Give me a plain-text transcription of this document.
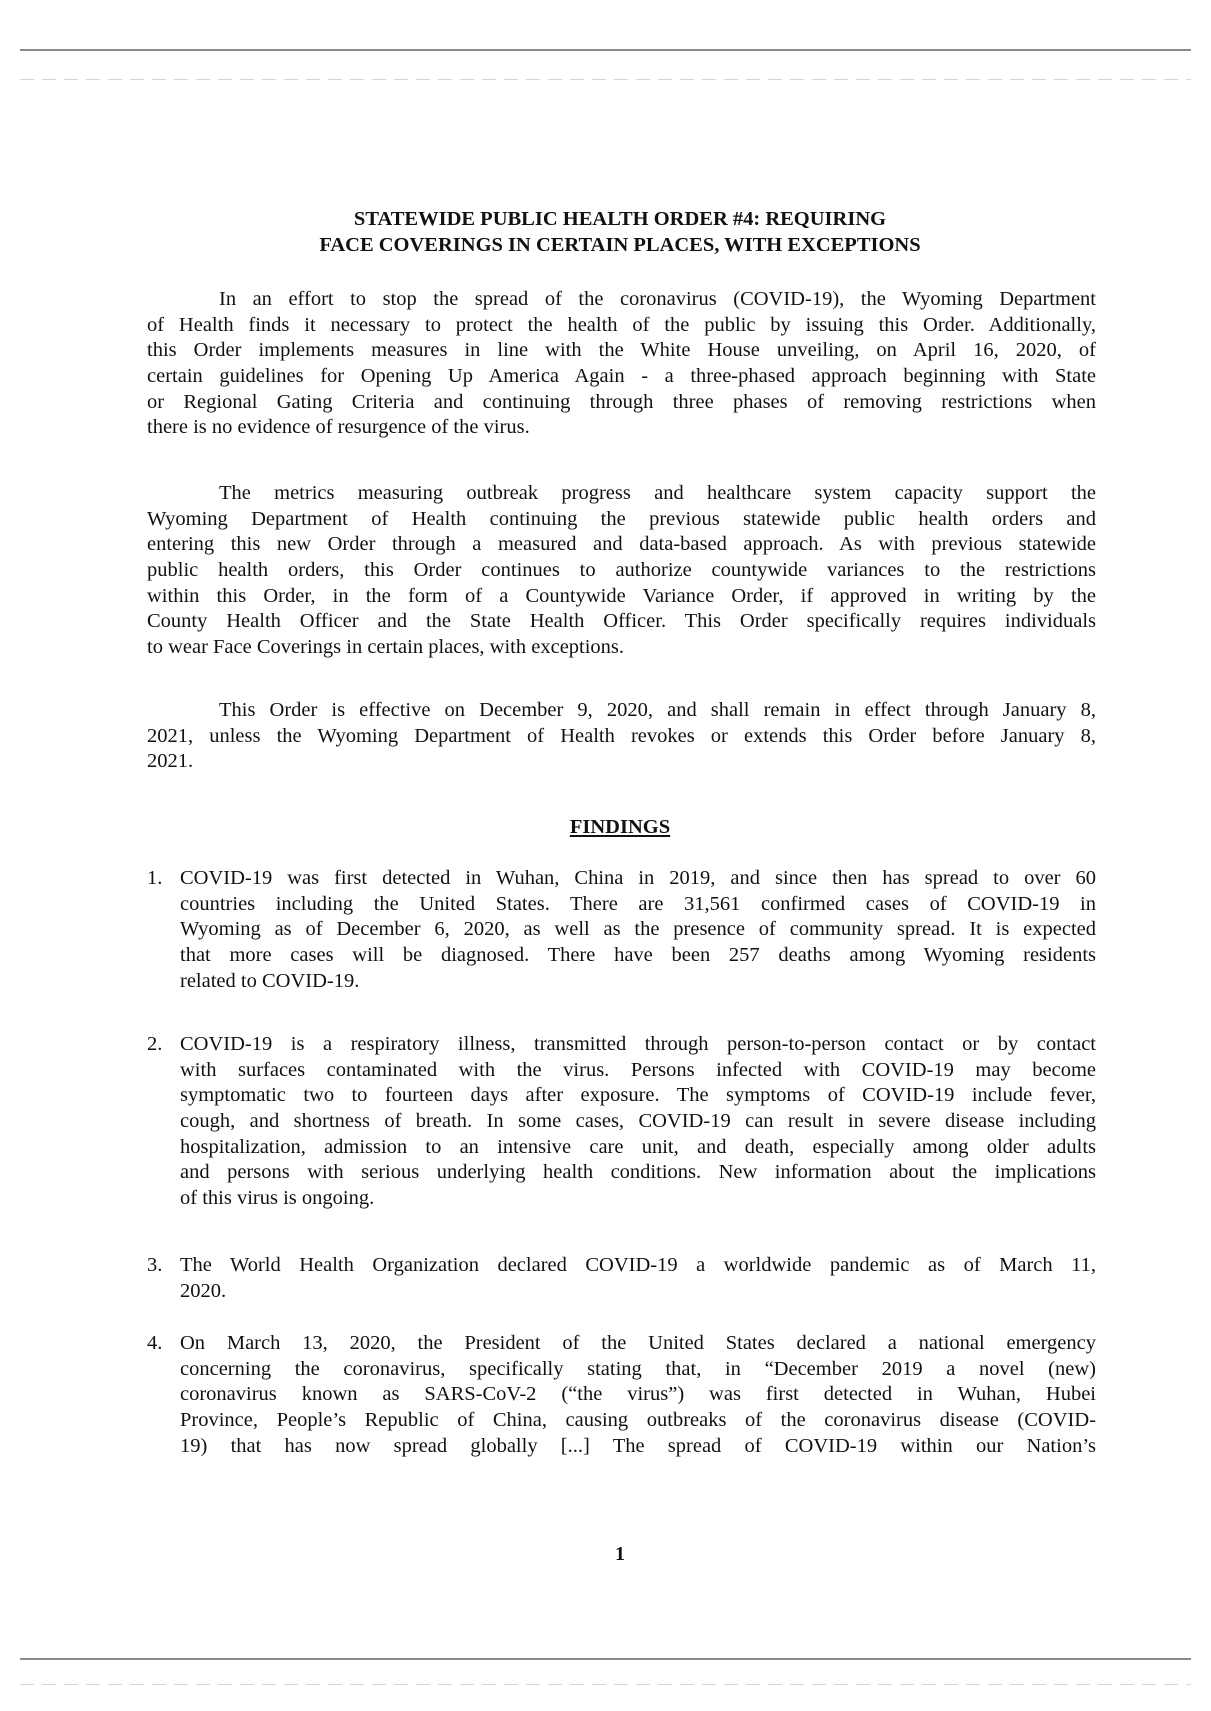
STATEWIDE PUBLIC HEALTH ORDER #4: REQUIRING
FACE COVERINGS IN CERTAIN PLACES, WITH EXCEPTIONS
In an effort to stop the spread of the coronavirus (COVID-19), the Wyoming Department
of Health finds it necessary to protect the health of the public by issuing this Order. Additionally,
this Order implements measures in line with the White House unveiling, on April 16, 2020, of
certain guidelines for Opening Up America Again - a three-phased approach beginning with State
or Regional Gating Criteria and continuing through three phases of removing restrictions when
there is no evidence of resurgence of the virus.
The metrics measuring outbreak progress and healthcare system capacity support the
Wyoming Department of Health continuing the previous statewide public health orders and
entering this new Order through a measured and data-based approach. As with previous statewide
public health orders, this Order continues to authorize countywide variances to the restrictions
within this Order, in the form of a Countywide Variance Order, if approved in writing by the
County Health Officer and the State Health Officer. This Order specifically requires individuals
to wear Face Coverings in certain places, with exceptions.
This Order is effective on December 9, 2020, and shall remain in effect through January 8,
2021, unless the Wyoming Department of Health revokes or extends this Order before January 8,
2021.
FINDINGS
1. COVID-19 was first detected in Wuhan, China in 2019, and since then has spread to over 60
countries including the United States. There are 31,561 confirmed cases of COVID-19 in
Wyoming as of December 6, 2020, as well as the presence of community spread. It is expected
that more cases will be diagnosed. There have been 257 deaths among Wyoming residents
related to COVID-19.
2. COVID-19 is a respiratory illness, transmitted through person-to-person contact or by contact
with surfaces contaminated with the virus. Persons infected with COVID-19 may become
symptomatic two to fourteen days after exposure. The symptoms of COVID-19 include fever,
cough, and shortness of breath. In some cases, COVID-19 can result in severe disease including
hospitalization, admission to an intensive care unit, and death, especially among older adults
and persons with serious underlying health conditions. New information about the implications
of this virus is ongoing.
3. The World Health Organization declared COVID-19 a worldwide pandemic as of March 11,
2020.
4. On March 13, 2020, the President of the United States declared a national emergency
concerning the coronavirus, specifically stating that, in “December 2019 a novel (new)
coronavirus known as SARS-CoV-2 (“the virus”) was first detected in Wuhan, Hubei
Province, People’s Republic of China, causing outbreaks of the coronavirus disease (COVID-
19) that has now spread globally [...] The spread of COVID-19 within our Nation’s
1
